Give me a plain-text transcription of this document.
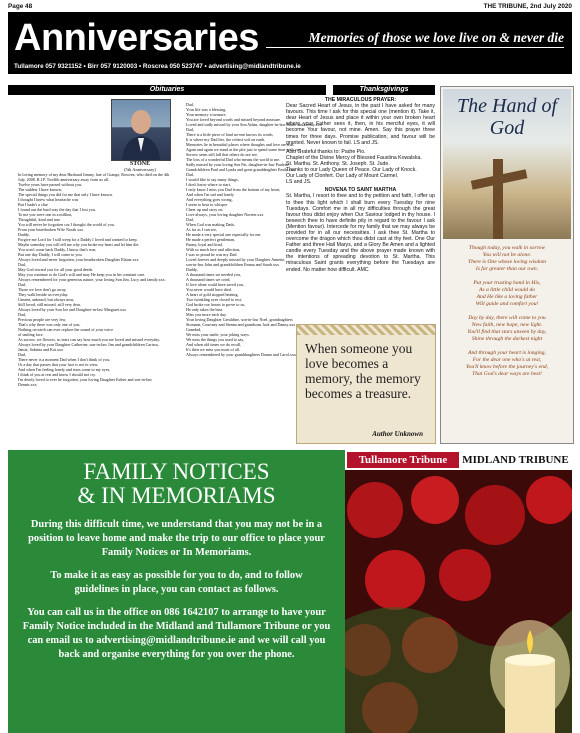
Page 48	THE TRIBUNE, 2nd July 2020
Anniversaries	Memories of those we love live on & never die
Tullamore 057 9321152 • Birr 057 9120003 • Roscrea 050 523747 • advertising@midlandtribune.ie
Obituaries
STONE
(5th Anniversary)
In loving memory of my dear Husband Jimmy, late of Grange, Roscrea, who died on the 4th July, 2008. R.I.P. Twelfth anniversary away from us all.
Twelve years have passed without you,
The saddest I have known,
The special things you did for me that only I have known.
I thought I knew what heartache was
But I hadn't a clue
I found out the hard way the day that I lost you.
To me you were one in a million,
Thoughtful, kind and true
You will never be forgotten coz I thought the world of you.
From your heartbroken Wife Norah xxx
Daddy,
Forgive me Lord for I still weep for a Daddy I loved and wanted to keep.
Maybe someday you will tell me why you broke my heart and let him die.
You won't come back Daddy, I know that's true,
But one day Daddy, I will come to you.
Always loved and never forgotten, your heartbroken Daughter Elaine.xxx
Dad,
May God reward you for all your good deeds.
May you continue to do God's will and may He keep you in his constant care.
Always remembered for your generous nature, your loving Son Jim, Lucy and family.xxx.
Dad,
Those we love don't go away,
They walk beside us everyday.
Unseen, unheard, but always near,
Still loved, still missed, still very dear.
Always loved by your Son Joe and Daughter-in-law Margaret.xxx
Dad,
Precious people are very few,
That's why there was only one of you,
Nothing on earth can ever replace the sound of your voice
of smiling face.
As sorrow, we flowers, so tears can say how much you are loved and missed everyday.
Always loved by your Daughter Catherine, son-in-law Jim and grandchildren Carissa, Jamie, Sabrina and Kai.xxx
Dad,
There never is a moment Dad when I don't think of you,
Or a day that passes that your face is not in view,
And when I'm feeling lonely and tears come to my eyes,
I think of you at rest and know I should not cry.
I'm dearly loved to ever be forgotten, your loving Daughter Esther and son-in-law Dennis.xxx
Dad,
Your life was a blessing,
Your memory a treasure,
You are loved beyond words and missed beyond measure.
Loved and sadly missed by your Son Aidan, daughter-in-law Marie and family.xxx
Dad,
There is a little piece of land no-one knows its worth,
It is where my Dad lies, the richest soil on earth.
Memories lie in beautiful places where thoughts and love are true,
Again and again we stand at the plot just to spend some time with you
Sorrow seem still fall that others do not see,
The loss of a wonderful Dad who means the world to me.
Sadly missed by your loving Son Pat, daughter-in-law Paulette,
Grandchildren Paul and Lynda and great granddaughter Emily.xxx
Dad,
I would like to say many things,
I don't know where to start,
I only know I miss you Dad from the bottom of my heart,
And when I'm sad and lonely
And everything goes wrong,
I seem to hear to whisper
Cheer up and carry on.
Love always, your loving daughter Noreen.xxx
Dad,
When God was making Dads,
As far as I can see,
He made a very special one especially for me.
He made a perfect gentleman,
Funny, loyal and kind,
With so much love and affection,
I was so proud he was my Dad.
Loved forever and deeply missed by your Daughter Annette,
son-in-law John and grandchildren Emma and Sarah.xxx
Daddy,
A thousand times we needed you,
A thousand times we cried,
If love alone could have saved you,
You never would have died.
A heart of gold stopped beating,
Two twinkling eyes closed to rest,
God broke our hearts to prove to us,
He only takes the best.
Miss you more each day.
Your loving Daughter Geraldine, son-in-law Noel, grandaughters
Siomane, Courtney and Sienna and grandsons Jack and Danny.xxx
Grandad,
We miss your smile, your joking ways.
We miss the things you used to say,
And when old times we do recall,
It's then we miss you most of all.
Always remembered by your granddaughters Donna and Carol.xxx
Thanksgivings
THE MIRACULOUS PRAYER:
Dear Sacred Heart of Jesus, in the past I have asked for many favours. This time I ask for this special one (mention it). Take it, dear Heart of Jesus and place it within your own broken heart where your Father sees it, then, in his merciful eyes, it will become Your favour, not mine. Amen. Say this prayer three times for three days. Promise publication, and favour will be granted. Never known to fail. LS and JS.
Also Grateful thanks to: Padre Pio.
Chaplet of the Divine Mercy of Blessed Faustina Kowalska.
St. Martha. St. Anthony. St. Joseph. St. Jude.
Thanks to our Lady Queen of Peace. Our Lady of Knock.
Our Lady of Clonfert. Our Lady of Mount Carmel.
LS and JS.
NOVENA TO SAINT MARTHA
St. Martha, I resort to thee and to thy petition and faith, I offer up to thee this light which I shall burn every Tuesday for nine Tuesdays. Comfort me in all my difficulties through the great favour thou didst enjoy when Our Saviour lodged in thy house. I beseech thee to have definite pity in regard to the favour I ask (Mention favour). Intercede for my family that we may always be provided for in all our necessities. I ask thee St. Martha to overcome the dragon which thou didst cast at thy feet. One Our Father and three Hail Marys, and a Glory Be Amen and a lighted candle every Tuesday and the above prayer made known with the intentions of spreading devotion to St. Martha. This miraculous Saint grants everything before the Tuesdays are ended. No matter how difficult. AMC
When someone you love becomes a memory, the memory becomes a treasure.
Author Unknown
The Hand of God
Though today, you walk in sorrow
You will not be alone.
There is One whose loving wisdom
Is far greater than our own.

Put your trusting hand in His,
As a little child would do
And He like a loving father
Will guide and comfort you!

Day by day, there will come to you
New faith, new hope, new light.
You'll find that stars unseen by day,
Shine through the darkest night

And through your heart is longing,
For the dear one who's at rest,
You'll know before the journey's end,
That God's dear ways are best!
FAMILY NOTICES
& IN MEMORIAMS
During this difficult time, we understand that you may not be in a position to leave home and make the trip to our office to place your Family Notices or In Memoriams.
To make it as easy as possible for you to do, and to follow guidelines in place, you can contact as follows.
You can call us in the office on 086 1642107 to arrange to have your Family Notice included in the Midland and Tullamore Tribune or you can email us to advertising@midlandtribune.ie and we will call you back and organise everything for you over the phone.
Tullamore Tribune	MIDLAND TRIBUNE
